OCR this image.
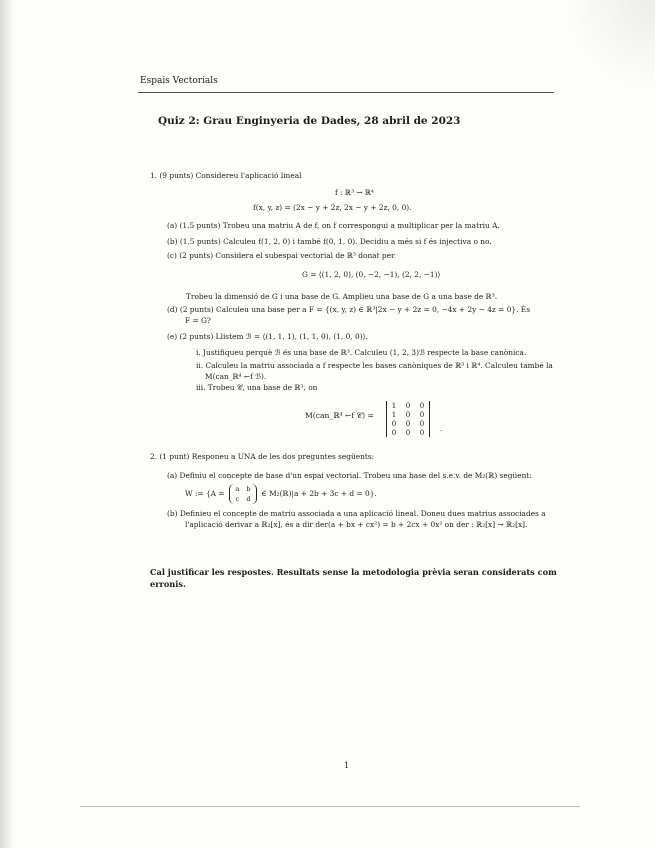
Espais Vectorials
Quiz 2: Grau Enginyeria de Dades, 28 abril de 2023
1. (9 punts) Considereu l'aplicació lineal
f : ℝ³ → ℝ⁴
f(x, y, z) = (2x − y + 2z, 2x − y + 2z, 0, 0).
(a) (1.5 punts) Trobeu una matriu A de f, on f correspongui a multiplicar per la matriu A.
(b) (1.5 punts) Calculeu f(1, 2, 0) i també f(0, 1, 0). Decidiu a més si f és injectiva o no.
(c) (2 punts) Considera el subespai vectorial de ℝ³ donat per
G = ⟨(1, 2, 0), (0, −2, −1), (2, 2, −1)⟩
Trobeu la dimensió de G i una base de G. Amplieu una base de G a una base de ℝ³.
(d) (2 punts) Calculeu una base per a F = {(x, y, z) ∈ ℝ³|2x − y + 2z = 0, −4x + 2y − 4z = 0}. És
F = G?
(e) (2 punts) Llistem ℬ = ⟨(1, 1, 1), (1, 1, 0), (1, 0, 0)⟩.
i. Justifiqueu perquè ℬ és una base de ℝ³. Calculeu (1, 2, 3)ℬ respecte la base canònica.
ii. Calculeu la matriu associada a f respecte les bases canòniques de ℝ³ i ℝ⁴. Calculeu també la
M(can_ℝ⁴ ←f ℬ).
iii. Trobeu 𝒞, una base de ℝ³, on
M(can_ℝ⁴ ←f 𝒞) =
1	0	0
1	0	0
0	0	0
0	0	0 .
2. (1 punt) Responeu a UNA de les dos preguntes següents:
(a) Definiu el concepte de base d'un espai vectorial. Trobeu una base del s.e.v. de M₂(ℝ) següent:
W := {A = a	b
c	d
∈ M₂(ℝ)|a + 2b + 3c + d = 0}.
(b) Definieu el concepte de matriu associada a una aplicació lineal. Doneu dues matrius associades a
l'aplicació derivar a ℝ₂[x], és a dir der(a + bx + cx²) = b + 2cx + 0x² on der : ℝ₂[x] → ℝ₂[x].
Cal justificar les respostes. Resultats sense la metodologia prèvia seran considerats com erronis.
1
